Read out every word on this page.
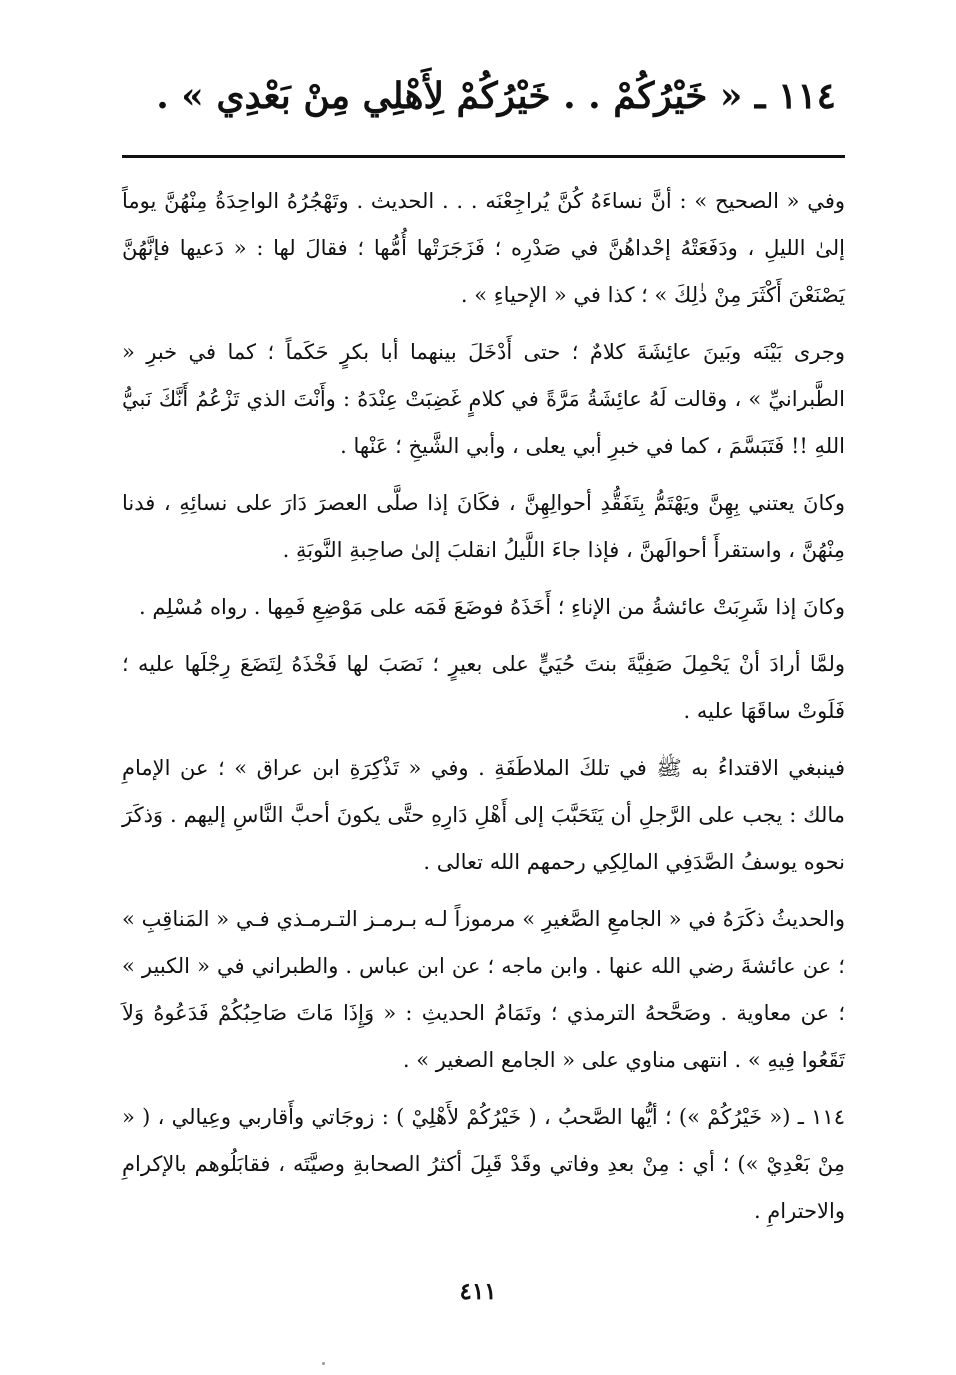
١١٤ ـ « خَيْرُكُمْ . . خَيْرُكُمْ لِأَهْلِي مِنْ بَعْدِي » .

وفي « الصحيح » : أنَّ نساءَهُ كُنَّ يُراجِعْنَه . . . الحديث . وتَهْجُرُهُ الواحِدَةُ مِنْهُنَّ يوماً إلىٰ الليلِ ، ودَفَعَتْهُ إحْداهُنَّ في صَدْرِه ؛ فَزَجَرَتْها أُمُّها ؛ فقالَ لها : « دَعيها فإنَّهُنَّ يَصْنَعْنَ أَكْثَرَ مِنْ ذٰلِكَ » ؛ كذا في « الإحياءِ » .

وجرى بَيْنَه وبَينَ عائِشَةَ كلامٌ ؛ حتى أَدْخَلَ بينهما أبا بكرٍ حَكَماً ؛ كما في خبرِ « الطَّبرانيِّ » ، وقالت لَهُ عائِشَةُ مَرَّةً في كلامٍ غَضِبَتْ عِنْدَهُ : وأَنْتَ الذي تَزْعُمُ أَنَّكَ نَبيُّ اللهِ !! فَتَبَسَّمَ ، كما في خبرِ أبي يعلى ، وأبي الشَّيخِ ؛ عَنْها .

وكانَ يعتني بِهِنَّ ويَهْتَمُّ بِتَفَقُّدِ أحوالِهِنَّ ، فكَانَ إذا صلَّى العصرَ دَارَ على نسائِهِ ، فدنا مِنْهُنَّ ، واستقرأَ أحوالَهنَّ ، فإذا جاءَ اللَّيلُ انقلبَ إلىٰ صاحِبةِ النَّوبَةِ .

وكانَ إذا شَرِبَتْ عائشةُ من الإناءِ ؛ أَخَذَهُ فوضَعَ فَمَه على مَوْضِعِ فَمِها . رواه مُسْلِم .

ولمَّا أرادَ أنْ يَحْمِلَ صَفِيَّةَ بنتَ حُيَيٍّ على بعيرٍ ؛ نَصَبَ لها فَخْذَهُ لِتَضَعَ رِجْلَها عليه ؛ فَلَوتْ ساقَهَا عليه .

فينبغي الاقتداءُ به ﷺ في تلكَ الملاطَفَةِ . وفي « تَذْكِرَةِ ابن عراق » ؛ عن الإمامِ مالك : يجب على الرَّجلِ أن يَتَحَبَّبَ إلى أَهْلِ دَارِهِ حتَّى يكونَ أحبَّ النَّاسِ إليهم . وَذكَرَ نحوه يوسفُ الصَّدَفِي المالِكِي رحمهم الله تعالى .

والحديثُ ذكَرَهُ في « الجامعِ الصَّغيرِ » مرموزاً لـه بـرمـز التـرمـذي فـي « المَناقِبِ » ؛ عن عائشةَ رضي الله عنها . وابن ماجه ؛ عن ابن عباس . والطبراني في « الكبير » ؛ عن معاوية . وصَحَّحهُ الترمذي ؛ وتَمَامُ الحديثِ : « وَإِذَا مَاتَ صَاحِبُكُمْ فَدَعُوهُ وَلاَ تَقَعُوا فِيهِ » . انتهى مناوي على « الجامع الصغير » .

١١٤ ـ (« خَيْرُكُمْ ») ؛ أيُّها الصَّحبُ ، ( خَيْرُكُمْ لأَهْلِيْ ) : زوجَاتي وأَقاربي وعِيالي ، ( « مِنْ بَعْدِيْ ») ؛ أي : مِنْ بعدِ وفاتي وقَدْ قَبِلَ أكثرُ الصحابةِ وصيَّتَه ، فقابَلُوهم بالإكرامِ والاحترامِ .

٤١١
